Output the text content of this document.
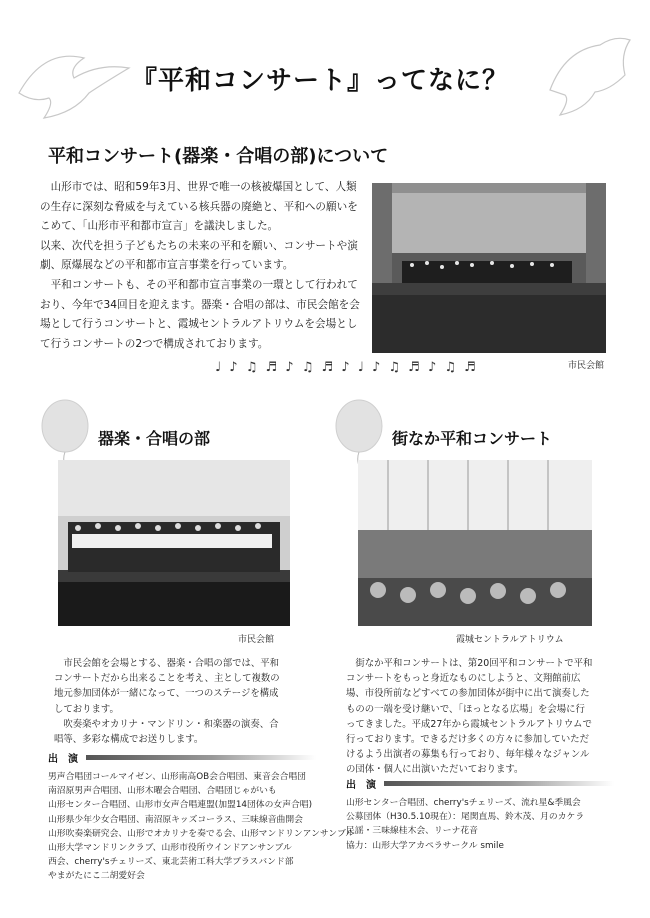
『平和コンサート』ってなに？
平和コンサート(器楽・合唱の部)について

山形市では、昭和59年3月、世界で唯一の核被爆国として、人類の生存に深刻な脅威を与えている核兵器の廃絶と、平和への願いをこめて、「山形市平和都市宣言」を議決しました。

以来、次代を担う子どもたちの未来の平和を願い、コンサートや演劇、原爆展などの平和都市宣言事業を行っています。

平和コンサートも、その平和都市宣言事業の一環として行われており、今年で34回目を迎えます。器楽・合唱の部は、市民会館を会場として行うコンサートと、霞城セントラルアトリウムを会場として行うコンサートの2つで構成されております。

市民会館
♩ ♪ ♫ ♬ ♪ ♫ ♬ ♪ ♩ ♪ ♫ ♬ ♪ ♫ ♬
器楽・合唱の部	街なか平和コンサート
市民会館	霞城セントラルアトリウム

市民会館を会場とする、器楽・合唱の部では、平和コンサートだから出来ることを考え、主として複数の地元参加団体が一緒になって、一つのステージを構成しております。

吹奏楽やオカリナ・マンドリン・和楽器の演奏、合唱等、多彩な構成でお送りします。

街なか平和コンサートは、第20回平和コンサートで平和コンサートをもっと身近なものにしようと、文翔館前広場、市役所前などすべての参加団体が街中に出て演奏したものの一端を受け継いで、「ほっとなる広場」を会場に行ってきました。平成27年から霞城セントラルアトリウムで行っております。できるだけ多くの方々に参加していただけるよう出演者の募集も行っており、毎年様々なジャンルの団体・個人に出演いただいております。

出　演
男声合唱団コールマイゼン、山形南高OB会合唱団、東音会合唱団
南沼原男声合唱団、山形木曜会合唱団、合唱団じゃがいも
山形センター合唱団、山形市女声合唱連盟(加盟14団体の女声合唱)
山形県少年少女合唱団、南沼原キッズコーラス、三味線音曲開会
山形吹奏楽研究会、山形でオカリナを奏でる会、山形マンドリンアンサンブル
山形大学マンドリンクラブ、山形市役所ウインドアンサンブル
西会、cherry'sチェリーズ、東北芸術工科大学ブラスバンド部
やまがたにこ二胡愛好会
出　演
山形センター合唱団、cherry'sチェリーズ、流れ星&季風会
公募団体（H30.5.10現在）：尾関直馬、鈴木茂、月のカケラ
民謡・三味線桂木会、リーナ花音
協力：山形大学アカペラサークル smile
